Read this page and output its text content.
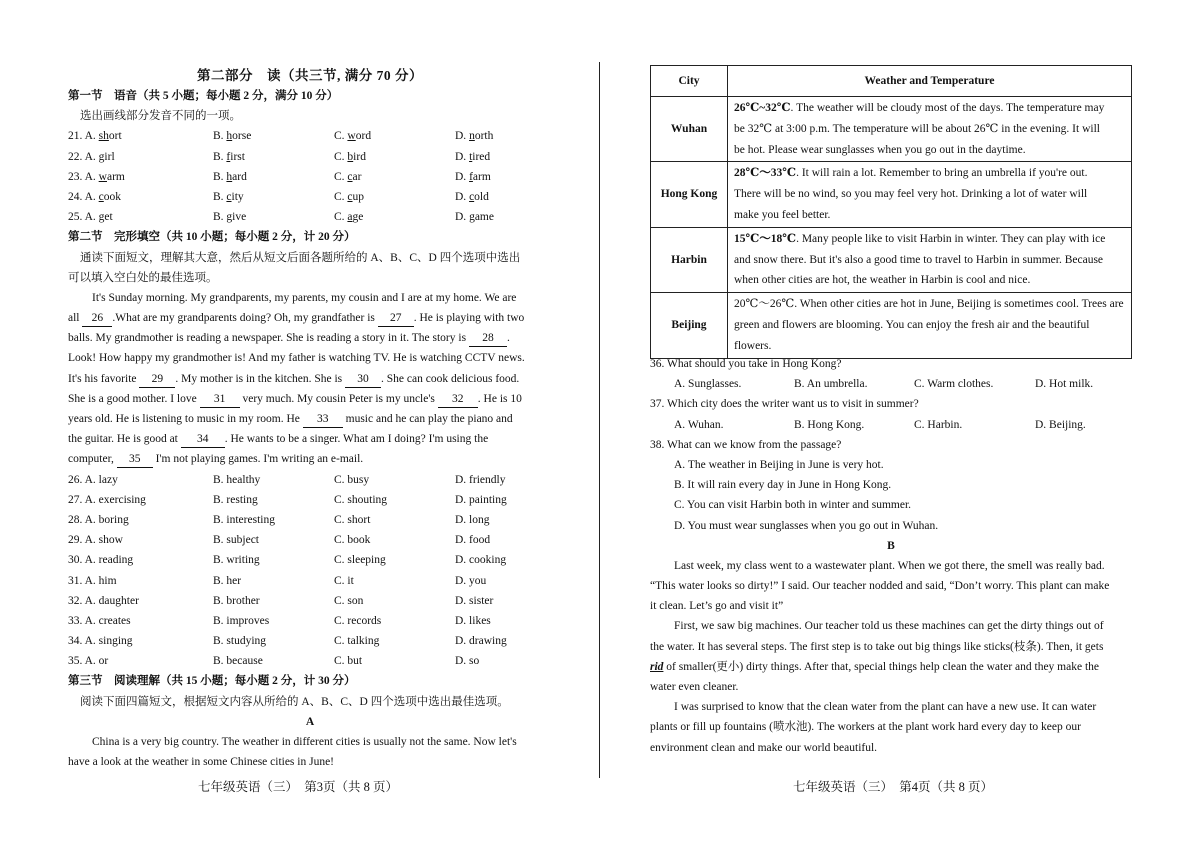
第二部分　读（共三节, 满分 70 分）
第一节　语音（共 5 小题；每小题 2 分，满分 10 分）
选出画线部分发音不同的一项。
21. A. short	B. horse	C. word	D. north
22. A. girl	B. first	C. bird	D. tired
23. A. warm	B. hard	C. car	D. farm
24. A. cook	B. city	C. cup	D. cold
25. A. get	B. give	C. age	D. game
第二节　完形填空（共 10 小题；每小题 2 分，计 20 分）
通读下面短文，理解其大意，然后从短文后面各题所给的 A、B、C、D 四个选项中选出
可以填入空白处的最佳选项。
It's Sunday morning. My grandparents, my parents, my cousin and I are at my home. We are
all 26 .What are my grandparents doing? Oh, my grandfather is 27 . He is playing with two
balls. My grandmother is reading a newspaper. She is reading a story in it. The story is 28 .
Look! How happy my grandmother is! And my father is watching TV. He is watching CCTV news.
It's his favorite 29 . My mother is in the kitchen. She is 30 . She can cook delicious food.
She is a good mother. I love 31 very much. My cousin Peter is my uncle's 32 . He is 10
years old. He is listening to music in my room. He 33 music and he can play the piano and
the guitar. He is good at 34 . He wants to be a singer. What am I doing? I'm using the
computer, 35 I'm not playing games. I'm writing an e-mail.
26. A. lazy	B. healthy	C. busy	D. friendly
27. A. exercising	B. resting	C. shouting	D. painting
28. A. boring	B. interesting	C. short	D. long
29. A. show	B. subject	C. book	D. food
30. A. reading	B. writing	C. sleeping	D. cooking
31. A. him	B. her	C. it	D. you
32. A. daughter	B. brother	C. son	D. sister
33. A. creates	B. improves	C. records	D. likes
34. A. singing	B. studying	C. talking	D. drawing
35. A. or	B. because	C. but	D. so
第三节　阅读理解（共 15 小题；每小题 2 分，计 30 分）
阅读下面四篇短文，根据短文内容从所给的 A、B、C、D 四个选项中选出最佳选项。
A
China is a very big country. The weather in different cities is usually not the same. Now let's
have a look at the weather in some Chinese cities in June!
七年级英语（三）　第3页（共 8 页）
City	Weather and Temperature
Wuhan	26℃~32℃. The weather will be cloudy most of the days. The temperature may
be 32℃ at 3:00 p.m. The temperature will be about 26℃ in the evening. It will
be hot. Please wear sunglasses when you go out in the daytime.

Hong Kong	28℃～33℃. It will rain a lot. Remember to bring an umbrella if you're out.
There will be no wind, so you may feel very hot. Drinking a lot of water will
make you feel better.

Harbin	15℃～18℃. Many people like to visit Harbin in winter. They can play with ice
and snow there. But it's also a good time to travel to Harbin in summer. Because
when other cities are hot, the weather in Harbin is cool and nice.

Beijing	20℃～26℃. When other cities are hot in June, Beijing is sometimes cool. Trees are
green and flowers are blooming. You can enjoy the fresh air and the beautiful
flowers.
36. What should you take in Hong Kong?
A. Sunglasses.	B. An umbrella.	C. Warm clothes.	D. Hot milk.
37. Which city does the writer want us to visit in summer?
A. Wuhan.	B. Hong Kong.	C. Harbin.	D. Beijing.
38. What can we know from the passage?
A. The weather in Beijing in June is very hot.
B. It will rain every day in June in Hong Kong.
C. You can visit Harbin both in winter and summer.
D. You must wear sunglasses when you go out in Wuhan.
B
Last week, my class went to a wastewater plant. When we got there, the smell was really bad.
“This water looks so dirty!” I said. Our teacher nodded and said, “Don’t worry. This plant can make
it clean. Let’s go and visit it”
First, we saw big machines. Our teacher told us these machines can get the dirty things out of
the water. It has several steps. The first step is to take out big things like sticks(枝条). Then, it gets
rid of smaller(更小) dirty things. After that, special things help clean the water and they make the
water even cleaner.
I was surprised to know that the clean water from the plant can have a new use. It can water
plants or fill up fountains (喷水池). The workers at the plant work hard every day to keep our
environment clean and make our world beautiful.
七年级英语（三）　第4页（共 8 页）
